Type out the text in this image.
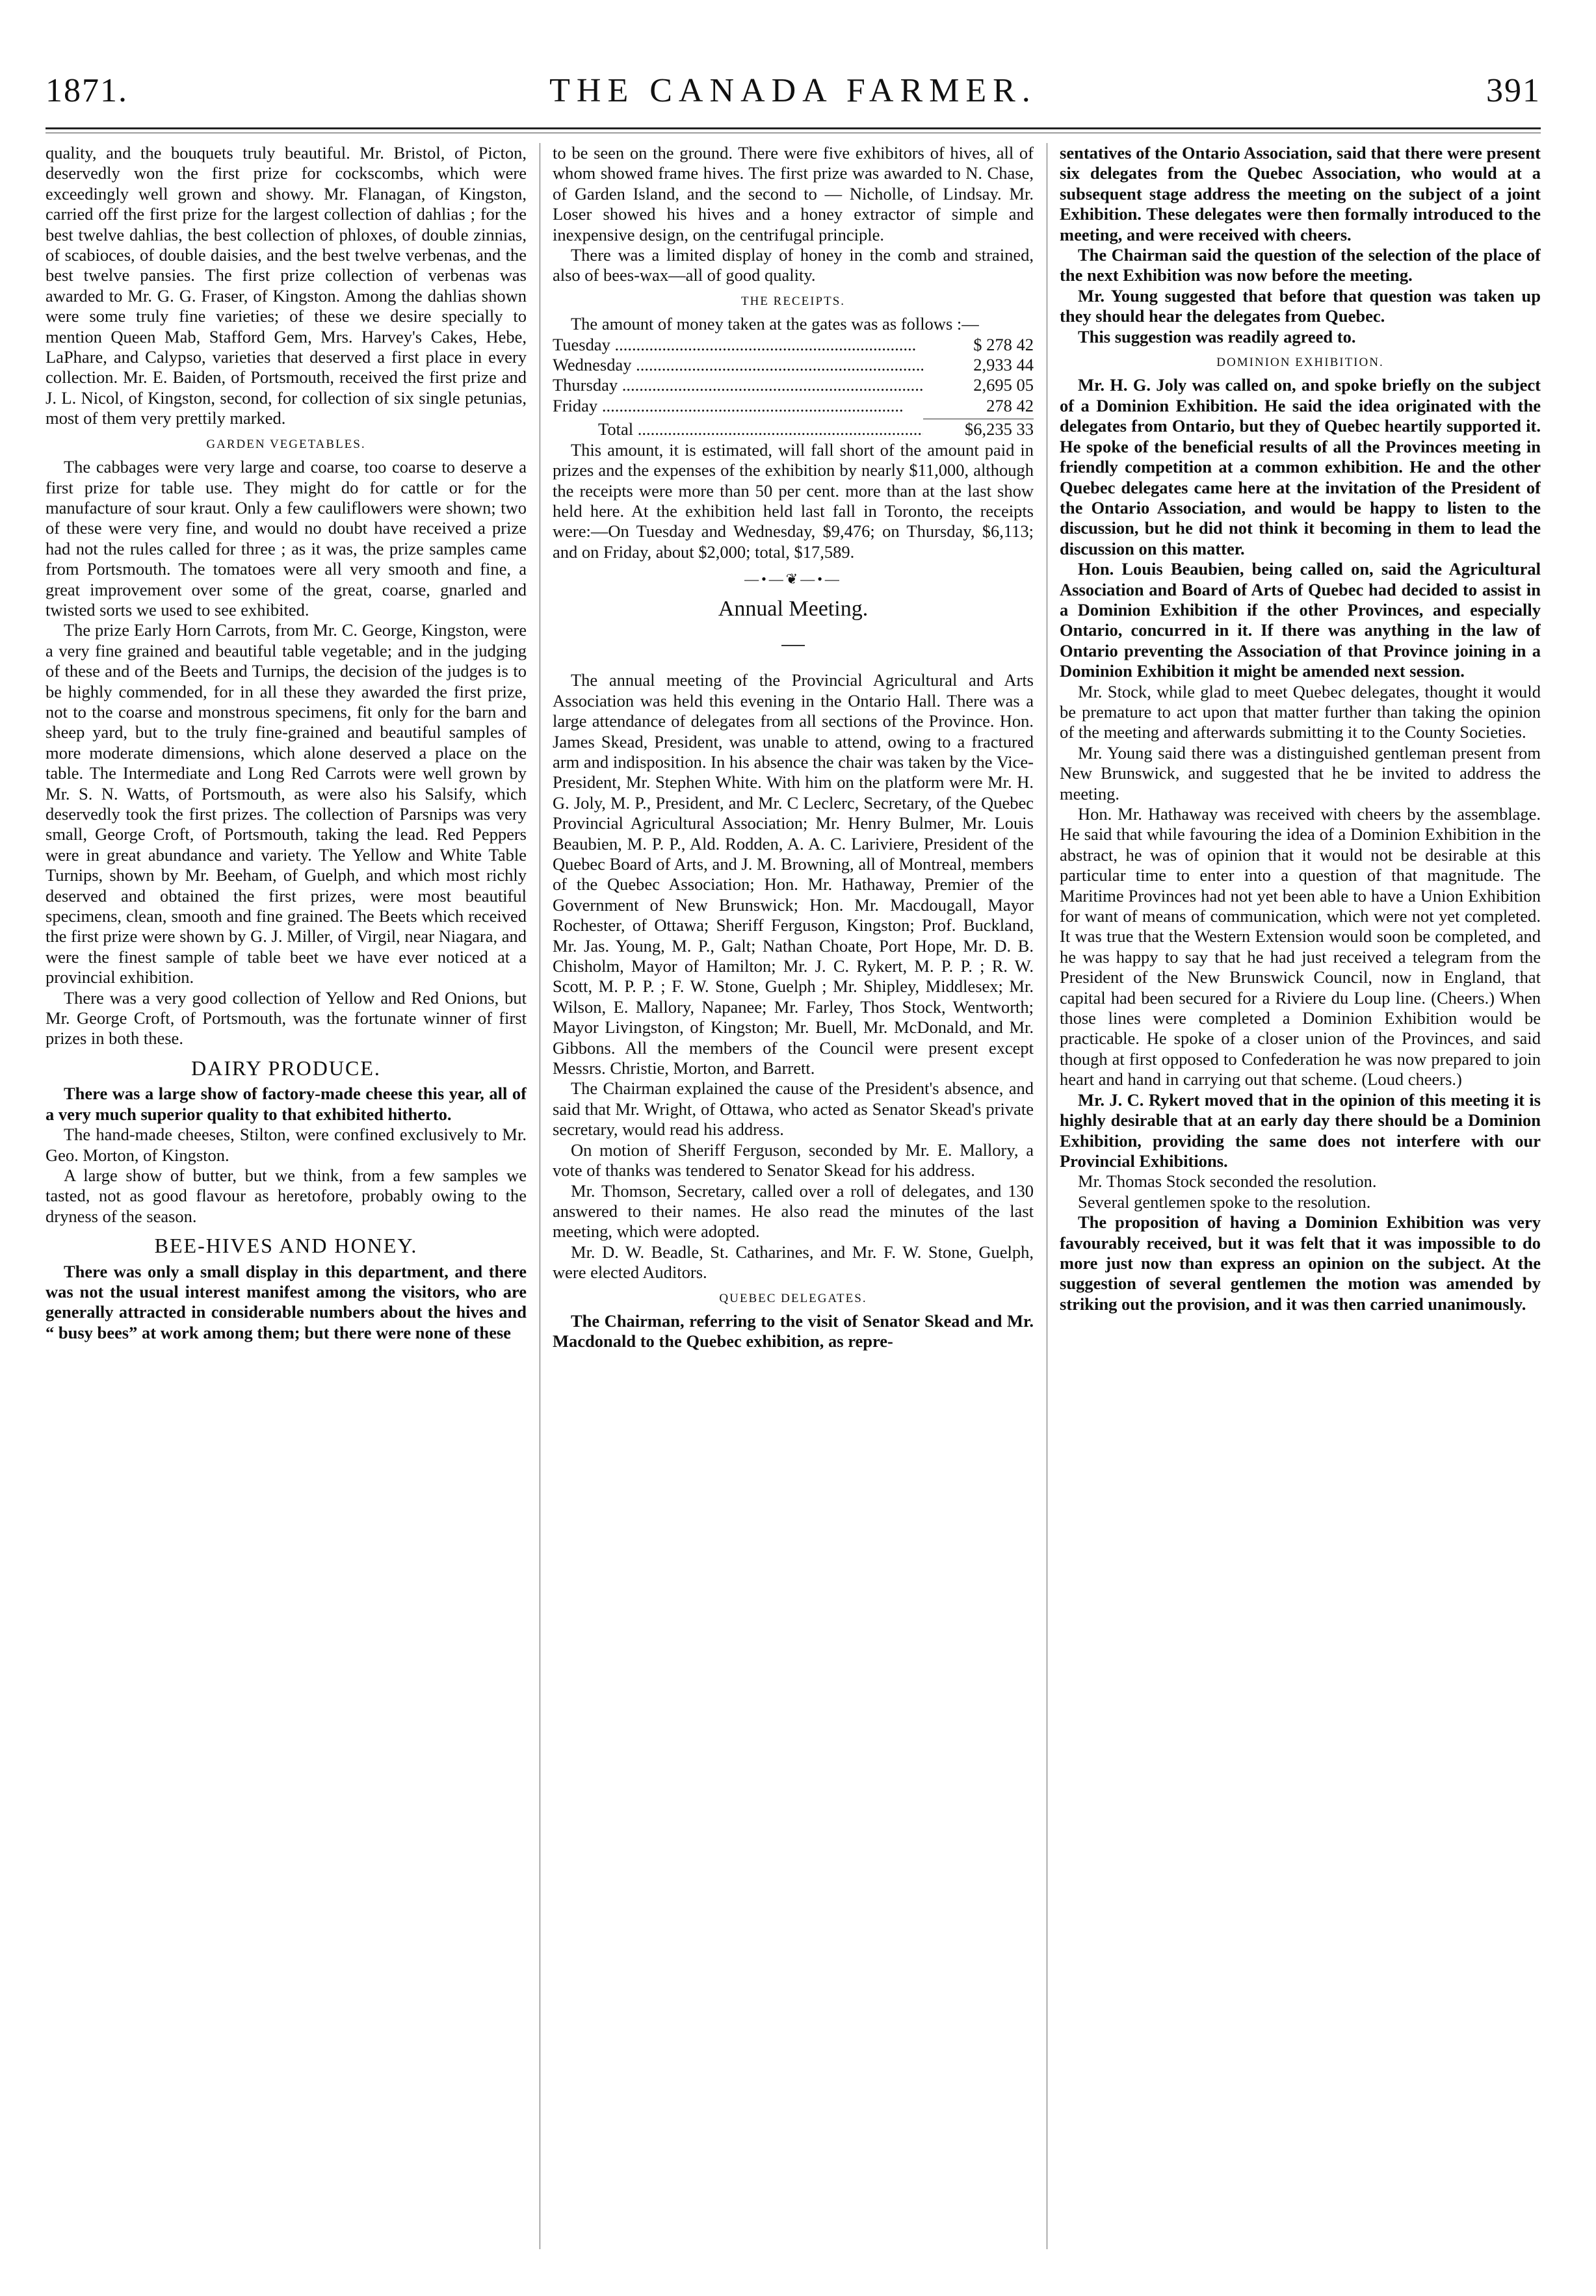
1871.	THE CANADA FARMER.	391

quality, and the bouquets truly beautiful. Mr. Bristol, of Picton, deservedly won the first prize for cockscombs, which were exceedingly well grown and showy. Mr. Flanagan, of Kingston, carried off the first prize for the largest collection of dahlias ; for the best twelve dahlias, the best collection of phloxes, of double zinnias, of scabioces, of double daisies, and the best twelve verbenas, and the best twelve pansies. The first prize collection of verbenas was awarded to Mr. G. G. Fraser, of Kingston. Among the dahlias shown were some truly fine varieties; of these we desire specially to mention Queen Mab, Stafford Gem, Mrs. Harvey's Cakes, Hebe, LaPhare, and Calypso, varieties that deserved a first place in every collection. Mr. E. Baiden, of Portsmouth, received the first prize and J. L. Nicol, of Kingston, second, for collection of six single petunias, most of them very prettily marked.

GARDEN VEGETABLES.

The cabbages were very large and coarse, too coarse to deserve a first prize for table use. They might do for cattle or for the manufacture of sour kraut. Only a few cauliflowers were shown; two of these were very fine, and would no doubt have received a prize had not the rules called for three ; as it was, the prize samples came from Portsmouth. The tomatoes were all very smooth and fine, a great improvement over some of the great, coarse, gnarled and twisted sorts we used to see exhibited.

The prize Early Horn Carrots, from Mr. C. George, Kingston, were a very fine grained and beautiful table vegetable; and in the judging of these and of the Beets and Turnips, the decision of the judges is to be highly commended, for in all these they awarded the first prize, not to the coarse and monstrous specimens, fit only for the barn and sheep yard, but to the truly fine-grained and beautiful samples of more moderate dimensions, which alone deserved a place on the table. The Intermediate and Long Red Carrots were well grown by Mr. S. N. Watts, of Portsmouth, as were also his Salsify, which deservedly took the first prizes. The collection of Parsnips was very small, George Croft, of Portsmouth, taking the lead. Red Peppers were in great abundance and variety. The Yellow and White Table Turnips, shown by Mr. Beeham, of Guelph, and which most richly deserved and obtained the first prizes, were most beautiful specimens, clean, smooth and fine grained. The Beets which received the first prize were shown by G. J. Miller, of Virgil, near Niagara, and were the finest sample of table beet we have ever noticed at a provincial exhibition.

There was a very good collection of Yellow and Red Onions, but Mr. George Croft, of Portsmouth, was the fortunate winner of first prizes in both these.

DAIRY PRODUCE.

There was a large show of factory-made cheese this year, all of a very much superior quality to that exhibited hitherto.

The hand-made cheeses, Stilton, were confined exclusively to Mr. Geo. Morton, of Kingston.

A large show of butter, but we think, from a few samples we tasted, not as good flavour as heretofore, probably owing to the dryness of the season.

BEE-HIVES AND HONEY.

There was only a small display in this department, and there was not the usual interest manifest among the visitors, who are generally attracted in considerable numbers about the hives and “ busy bees” at work among them; but there were none of these

to be seen on the ground. There were five exhibitors of hives, all of whom showed frame hives. The first prize was awarded to N. Chase, of Garden Island, and the second to — Nicholle, of Lindsay. Mr. Loser showed his hives and a honey extractor of simple and inexpensive design, on the centrifugal principle.

There was a limited display of honey in the comb and strained, also of bees-wax—all of good quality.

THE RECEIPTS.

The amount of money taken at the gates was as follows :—

Tuesday .....	$ 278 42
Wednesday .....	2,933 44
Thursday .....	2,695 05
Friday .....	278 42
Total .....	$6,235 33

This amount, it is estimated, will fall short of the amount paid in prizes and the expenses of the exhibition by nearly $11,000, although the receipts were more than 50 per cent. more than at the last show held here. At the exhibition held last fall in Toronto, the receipts were:—On Tuesday and Wednesday, $9,476; on Thursday, $6,113; and on Friday, about $2,000; total, $17,589.

—•—❦—•—
Annual Meeting.

The annual meeting of the Provincial Agricultural and Arts Association was held this evening in the Ontario Hall. There was a large attendance of delegates from all sections of the Province. Hon. James Skead, President, was unable to attend, owing to a fractured arm and indisposition. In his absence the chair was taken by the Vice-President, Mr. Stephen White. With him on the platform were Mr. H. G. Joly, M. P., President, and Mr. C Leclerc, Secretary, of the Quebec Provincial Agricultural Association; Mr. Henry Bulmer, Mr. Louis Beaubien, M. P. P., Ald. Rodden, A. A. C. Lariviere, President of the Quebec Board of Arts, and J. M. Browning, all of Montreal, members of the Quebec Association; Hon. Mr. Hathaway, Premier of the Government of New Brunswick; Hon. Mr. Macdougall, Mayor Rochester, of Ottawa; Sheriff Ferguson, Kingston; Prof. Buckland, Mr. Jas. Young, M. P., Galt; Nathan Choate, Port Hope, Mr. D. B. Chisholm, Mayor of Hamilton; Mr. J. C. Rykert, M. P. P. ; R. W. Scott, M. P. P. ; F. W. Stone, Guelph ; Mr. Shipley, Middlesex; Mr. Wilson, E. Mallory, Napanee; Mr. Farley, Thos Stock, Wentworth; Mayor Livingston, of Kingston; Mr. Buell, Mr. McDonald, and Mr. Gibbons. All the members of the Council were present except Messrs. Christie, Morton, and Barrett.

The Chairman explained the cause of the President's absence, and said that Mr. Wright, of Ottawa, who acted as Senator Skead's private secretary, would read his address.

On motion of Sheriff Ferguson, seconded by Mr. E. Mallory, a vote of thanks was tendered to Senator Skead for his address.

Mr. Thomson, Secretary, called over a roll of delegates, and 130 answered to their names. He also read the minutes of the last meeting, which were adopted.

Mr. D. W. Beadle, St. Catharines, and Mr. F. W. Stone, Guelph, were elected Auditors.

QUEBEC DELEGATES.

The Chairman, referring to the visit of Senator Skead and Mr. Macdonald to the Quebec exhibition, as repre-

sentatives of the Ontario Association, said that there were present six delegates from the Quebec Association, who would at a subsequent stage address the meeting on the subject of a joint Exhibition. These delegates were then formally introduced to the meeting, and were received with cheers.

The Chairman said the question of the selection of the place of the next Exhibition was now before the meeting.

Mr. Young suggested that before that question was taken up they should hear the delegates from Quebec.

This suggestion was readily agreed to.

DOMINION EXHIBITION.

Mr. H. G. Joly was called on, and spoke briefly on the subject of a Dominion Exhibition. He said the idea originated with the delegates from Ontario, but they of Quebec heartily supported it. He spoke of the beneficial results of all the Provinces meeting in friendly competition at a common exhibition. He and the other Quebec delegates came here at the invitation of the President of the Ontario Association, and would be happy to listen to the discussion, but he did not think it becoming in them to lead the discussion on this matter.

Hon. Louis Beaubien, being called on, said the Agricultural Association and Board of Arts of Quebec had decided to assist in a Dominion Exhibition if the other Provinces, and especially Ontario, concurred in it. If there was anything in the law of Ontario preventing the Association of that Province joining in a Dominion Exhibition it might be amended next session.

Mr. Stock, while glad to meet Quebec delegates, thought it would be premature to act upon that matter further than taking the opinion of the meeting and afterwards submitting it to the County Societies.

Mr. Young said there was a distinguished gentleman present from New Brunswick, and suggested that he be invited to address the meeting.

Hon. Mr. Hathaway was received with cheers by the assemblage. He said that while favouring the idea of a Dominion Exhibition in the abstract, he was of opinion that it would not be desirable at this particular time to enter into a question of that magnitude. The Maritime Provinces had not yet been able to have a Union Exhibition for want of means of communication, which were not yet completed. It was true that the Western Extension would soon be completed, and he was happy to say that he had just received a telegram from the President of the New Brunswick Council, now in England, that capital had been secured for a Riviere du Loup line. (Cheers.) When those lines were completed a Dominion Exhibition would be practicable. He spoke of a closer union of the Provinces, and said though at first opposed to Confederation he was now prepared to join heart and hand in carrying out that scheme. (Loud cheers.)

Mr. J. C. Rykert moved that in the opinion of this meeting it is highly desirable that at an early day there should be a Dominion Exhibition, providing the same does not interfere with our Provincial Exhibitions.

Mr. Thomas Stock seconded the resolution.

Several gentlemen spoke to the resolution.

The proposition of having a Dominion Exhibition was very favourably received, but it was felt that it was impossible to do more just now than express an opinion on the subject. At the suggestion of several gentlemen the motion was amended by striking out the provision, and it was then carried unanimously.
